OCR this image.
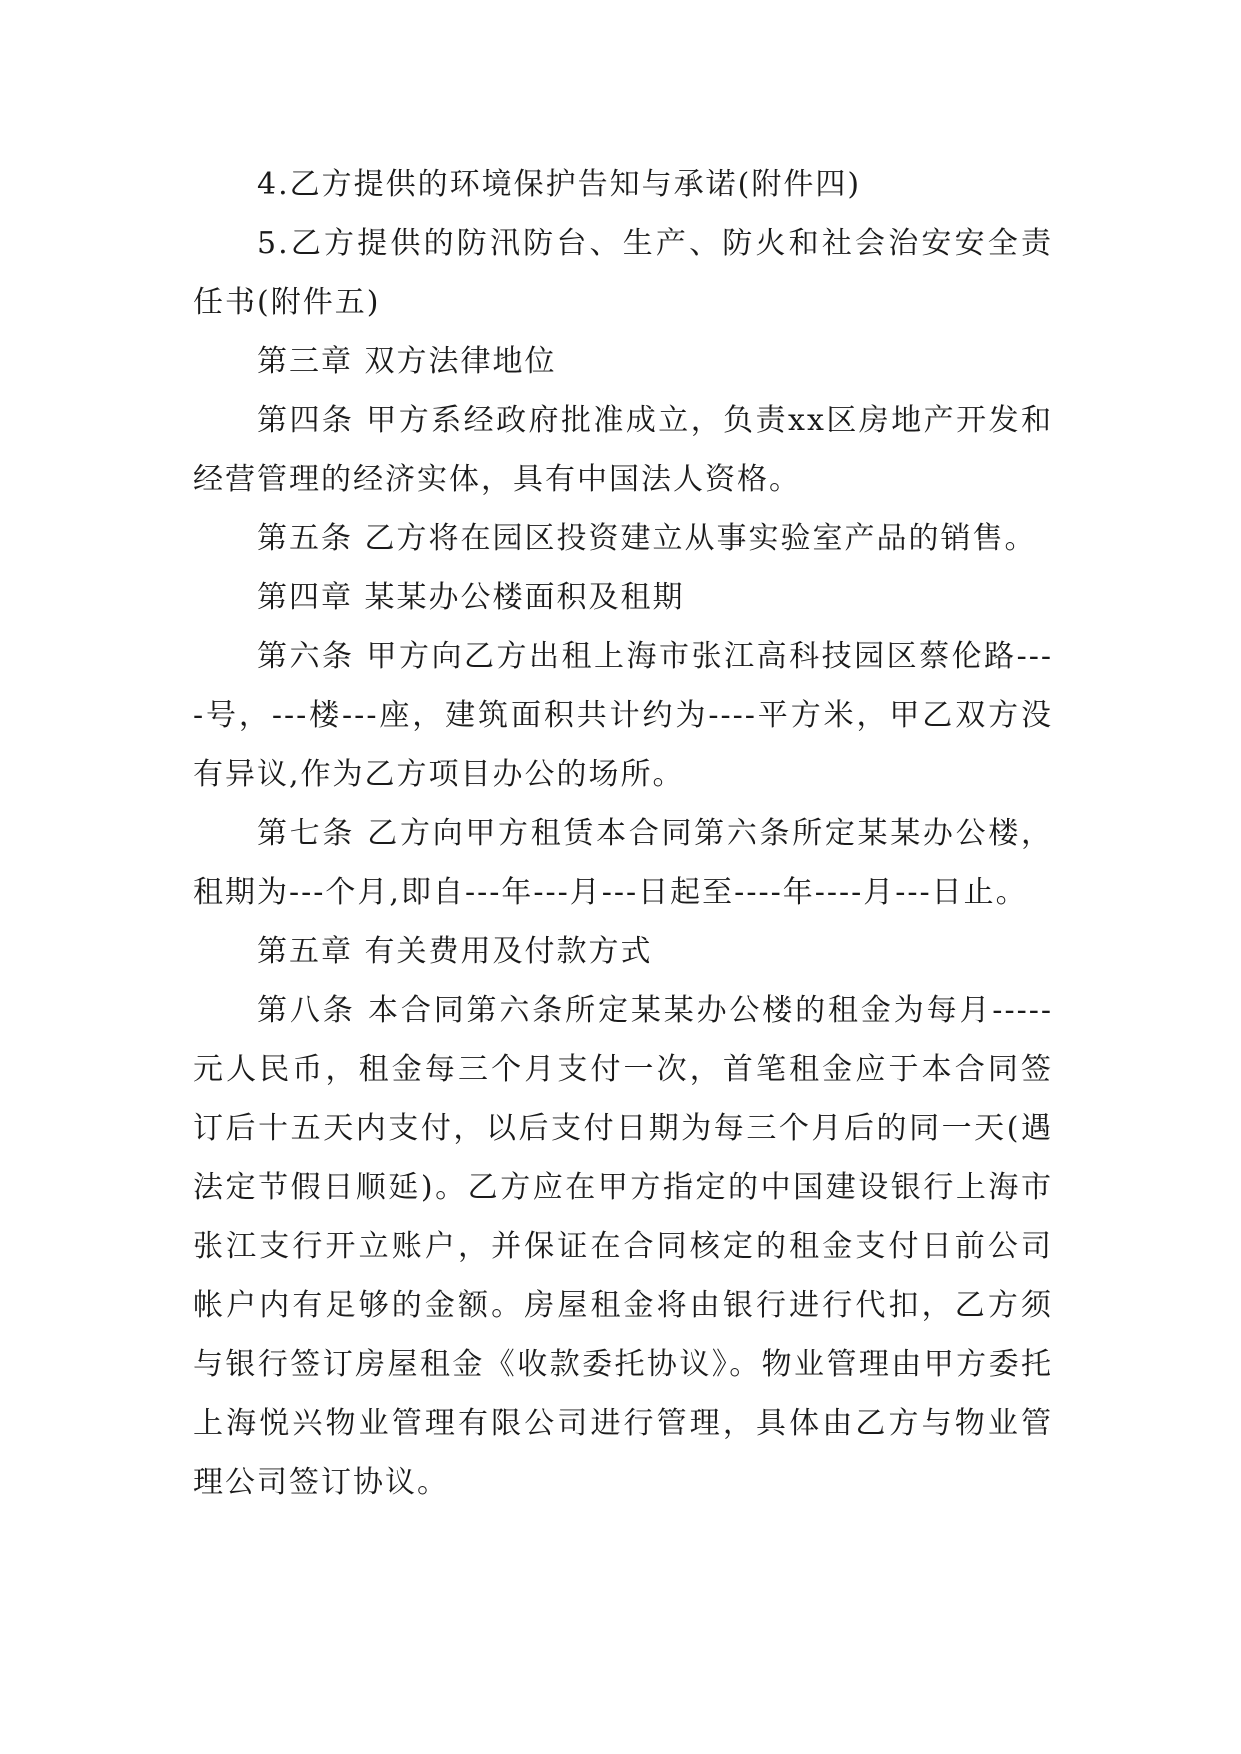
4.乙方提供的环境保护告知与承诺(附件四)

5.乙方提供的防汛防台、生产、防火和社会治安安全责任书(附件五)

第三章 双方法律地位

第四条 甲方系经政府批准成立，负责xx区房地产开发和经营管理的经济实体，具有中国法人资格。

第五条 乙方将在园区投资建立从事实验室产品的销售。

第四章 某某办公楼面积及租期

第六条 甲方向乙方出租上海市张江高科技园区蔡伦路----号，---楼---座，建筑面积共计约为----平方米，甲乙双方没有异议,作为乙方项目办公的场所。

第七条 乙方向甲方租赁本合同第六条所定某某办公楼，租期为---个月,即自---年---月---日起至----年----月---日止。

第五章 有关费用及付款方式

第八条 本合同第六条所定某某办公楼的租金为每月-----元人民币，租金每三个月支付一次，首笔租金应于本合同签订后十五天内支付，以后支付日期为每三个月后的同一天(遇法定节假日顺延)。乙方应在甲方指定的中国建设银行上海市张江支行开立账户，并保证在合同核定的租金支付日前公司帐户内有足够的金额。房屋租金将由银行进行代扣，乙方须与银行签订房屋租金《收款委托协议》。物业管理由甲方委托上海悦兴物业管理有限公司进行管理，具体由乙方与物业管理公司签订协议。
